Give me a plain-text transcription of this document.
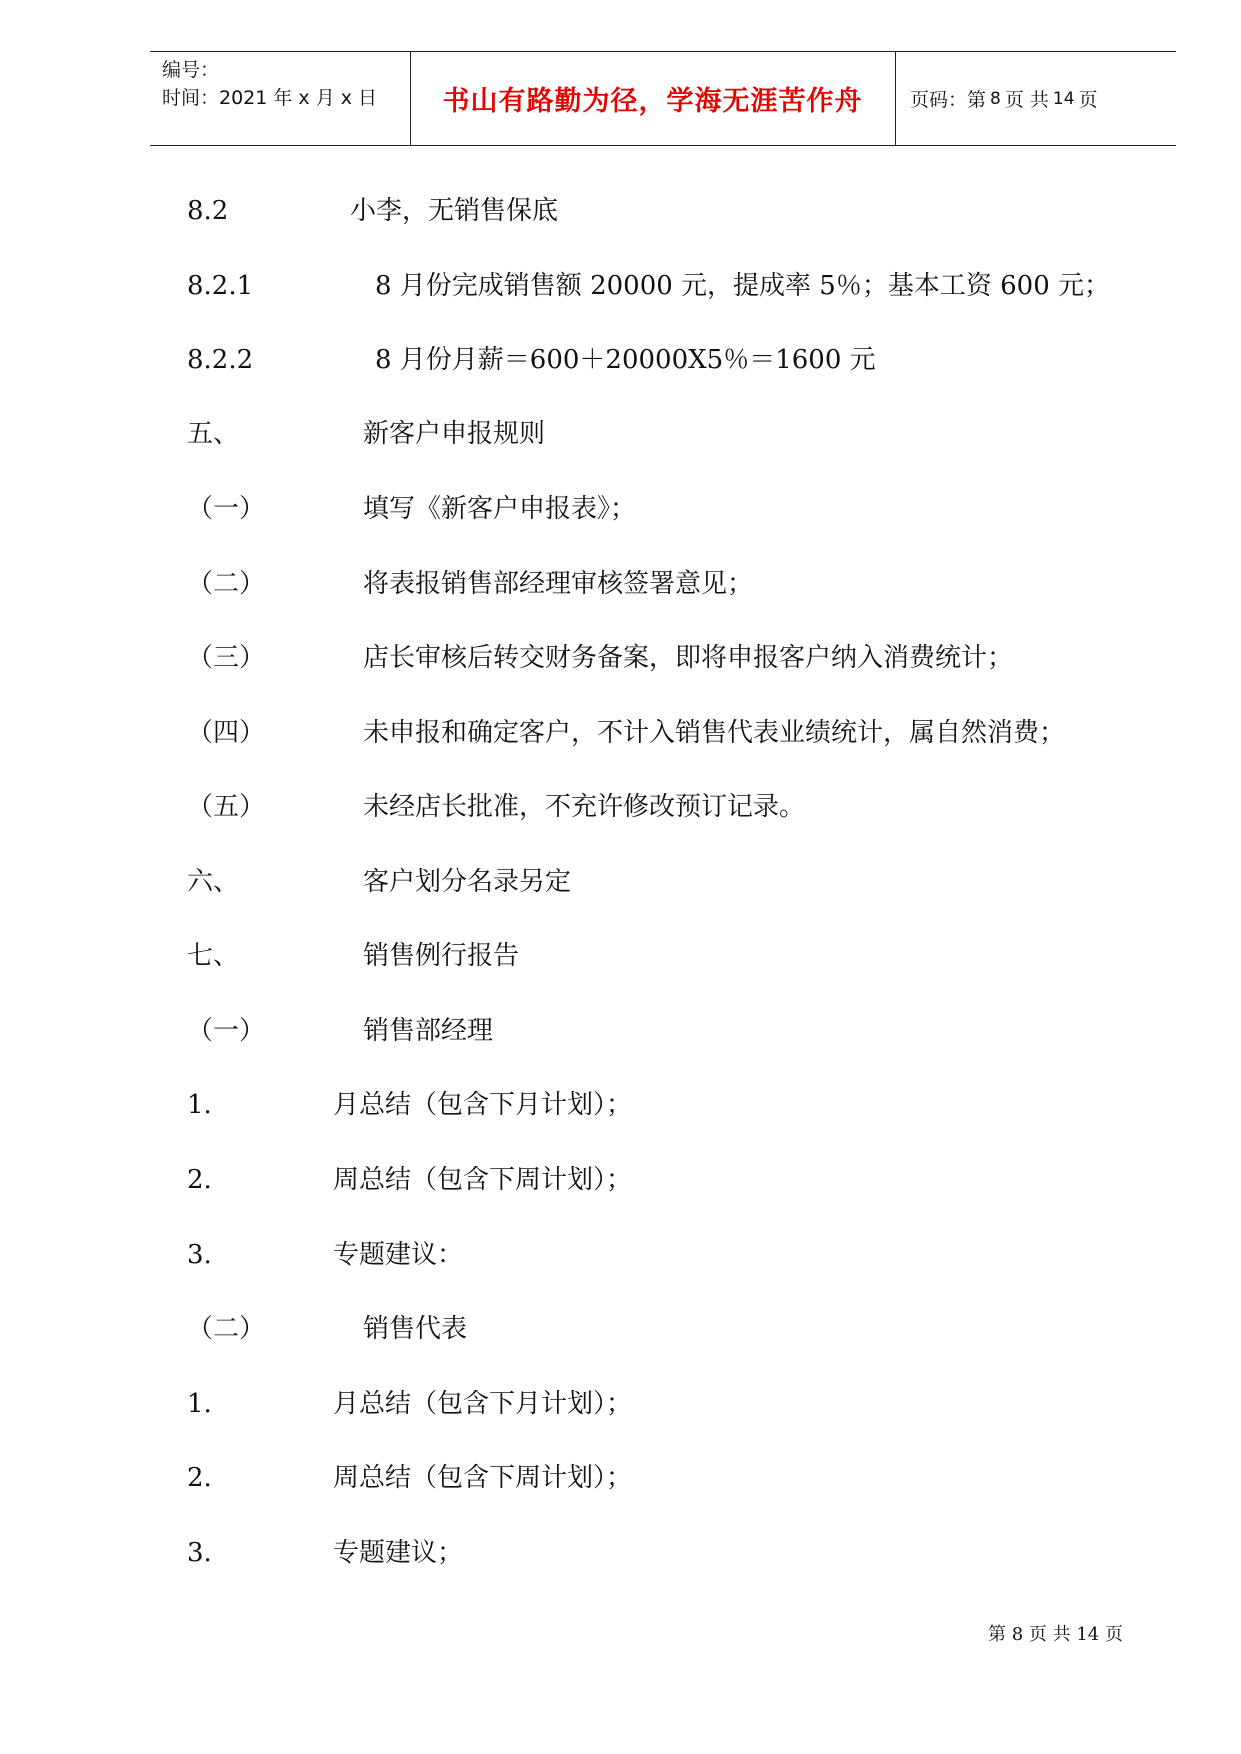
编号：
时间：2021 年 x 月 x 日	书山有路勤为径，学海无涯苦作舟	页码：第 8 页 共 14 页
8.2	小李，无销售保底
8.2.1	8 月份完成销售额 20000 元，提成率 5％；基本工资 600 元；
8.2.2	8 月份月薪＝600＋20000X5％＝1600 元
五、	新客户申报规则
（一）	填写《新客户申报表》；
（二）	将表报销售部经理审核签署意见；
（三）	店长审核后转交财务备案，即将申报客户纳入消费统计；
（四）	未申报和确定客户，不计入销售代表业绩统计，属自然消费；
（五）	未经店长批准，不充许修改预订记录。
六、	客户划分名录另定
七、	销售例行报告
（一）	销售部经理
1.	月总结（包含下月计划）；
2.	周总结（包含下周计划）；
3.	专题建议：
（二）	销售代表
1.	月总结（包含下月计划）；
2.	周总结（包含下周计划）；
3.	专题建议；
第 8 页 共 14 页
